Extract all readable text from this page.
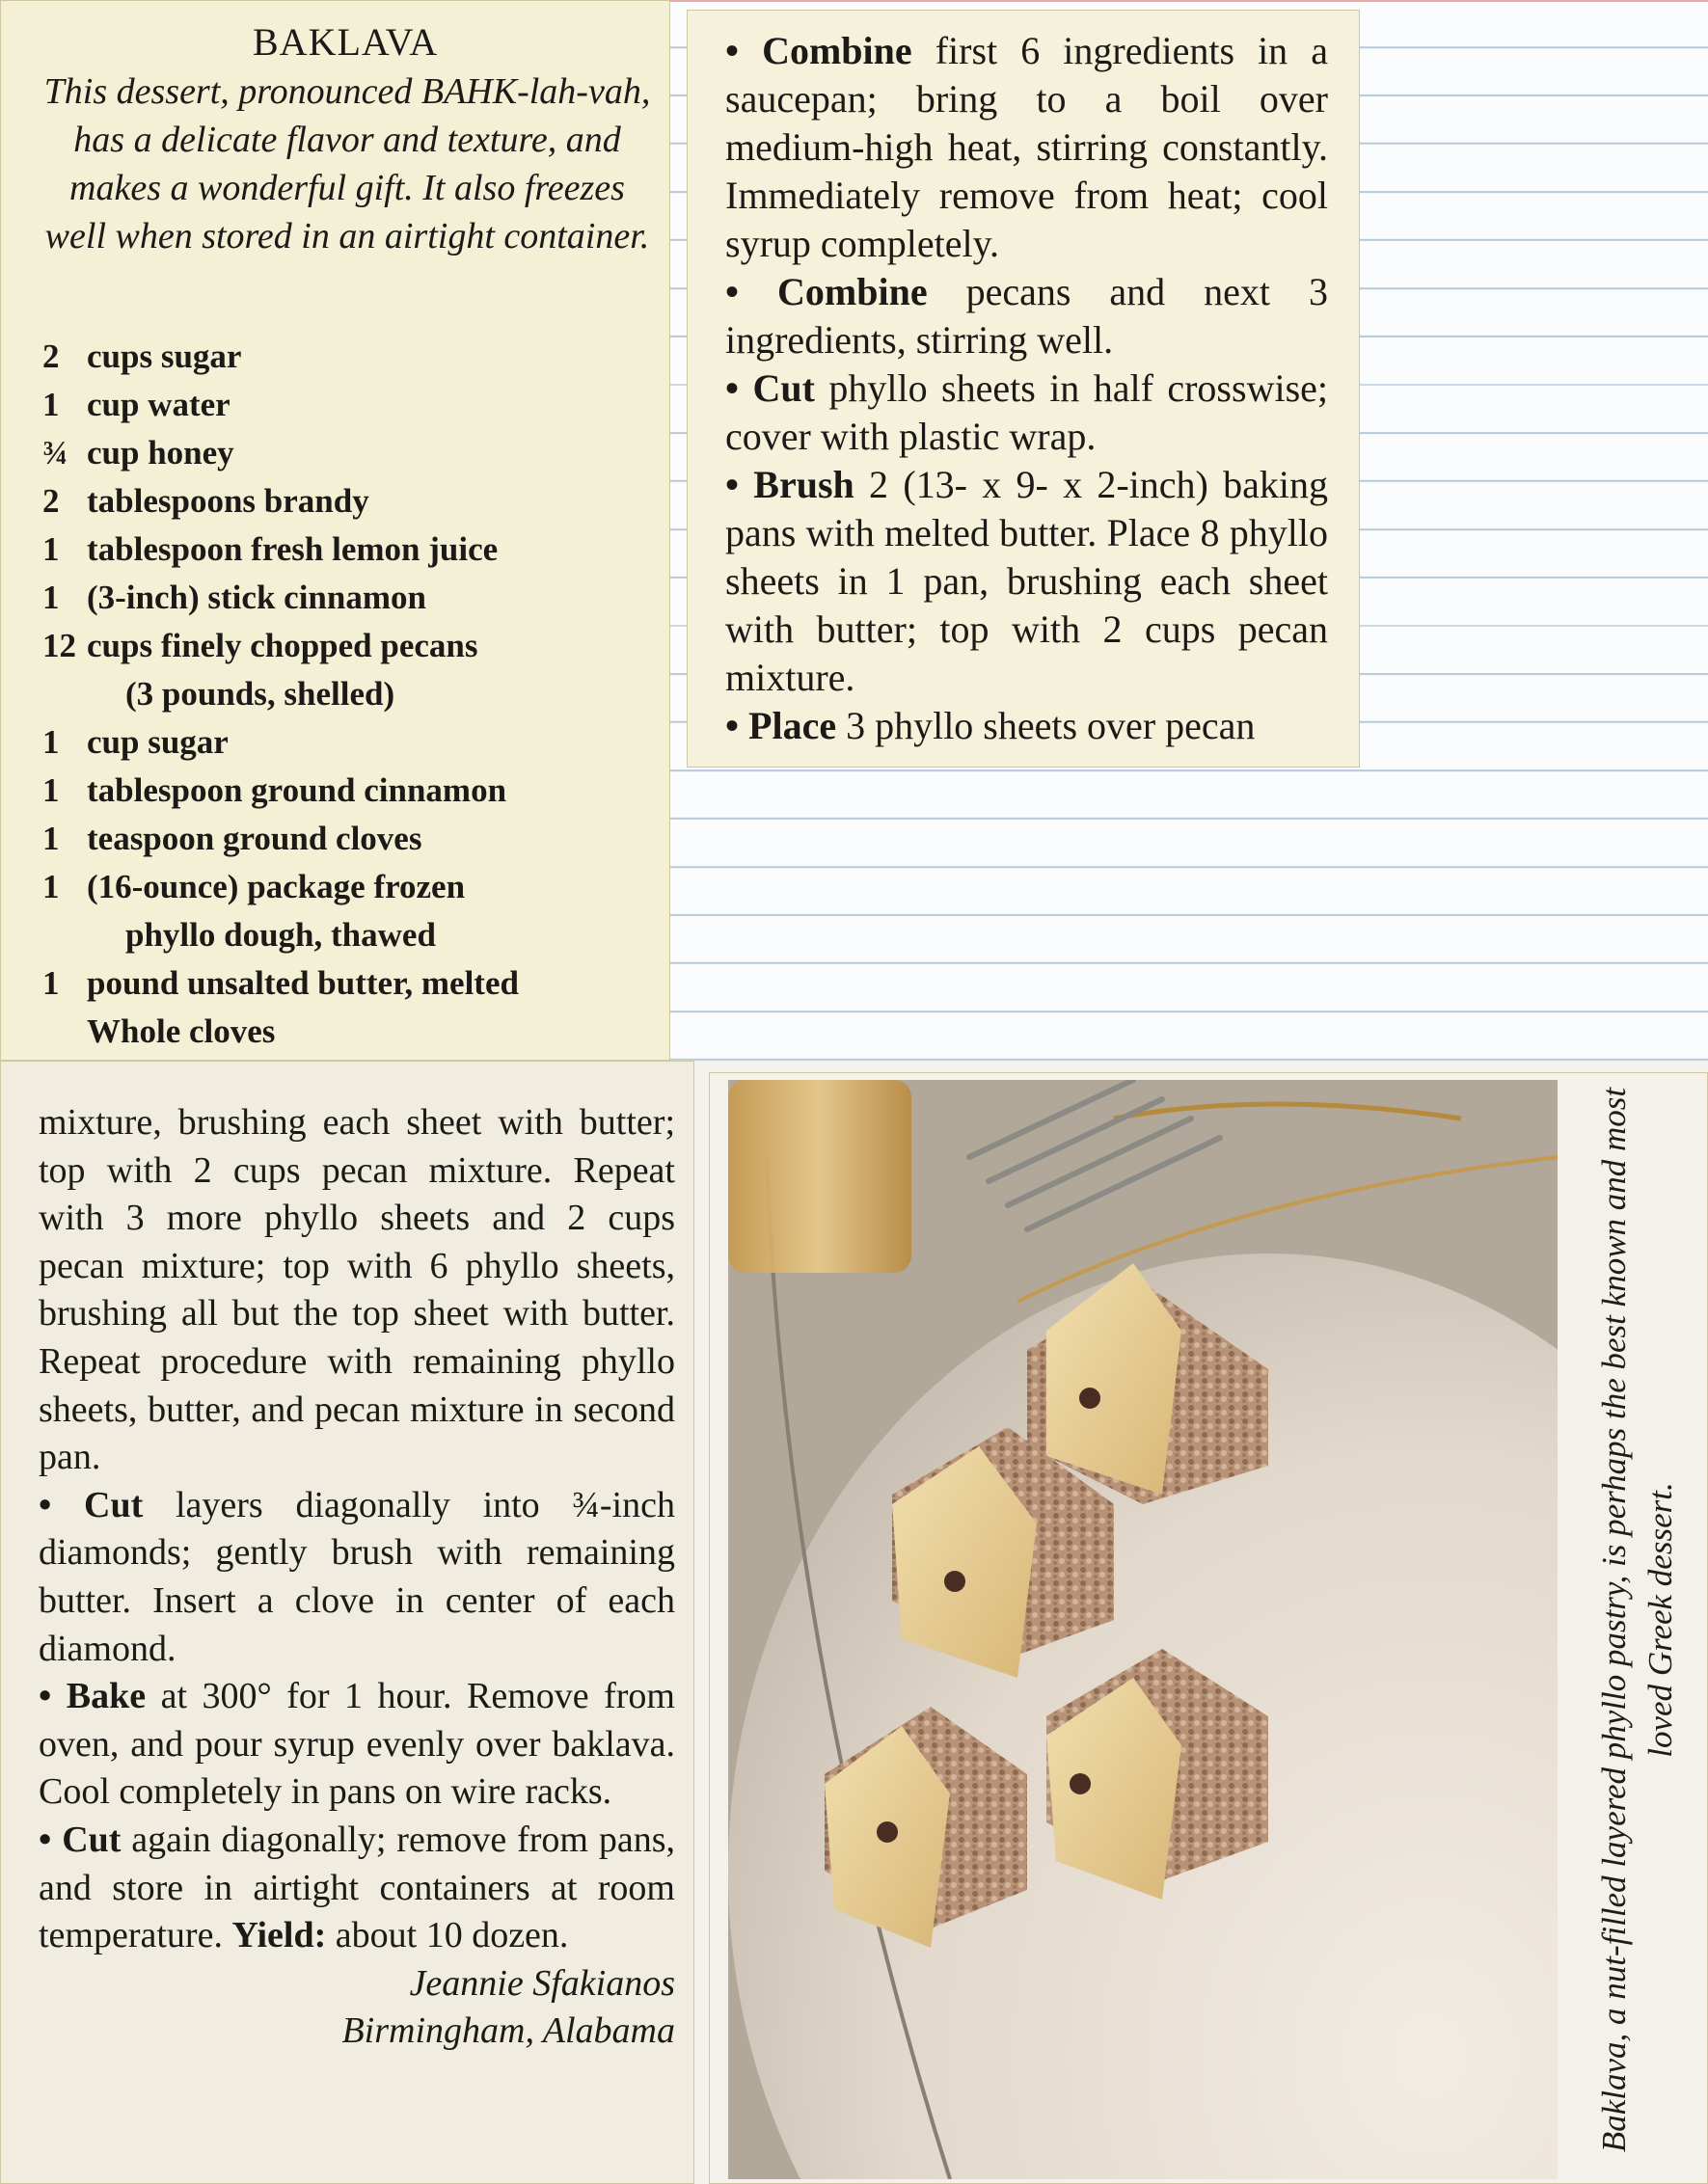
BAKLAVA
This dessert, pronounced BAHK-lah-vah, has a delicate flavor and texture, and makes a wonderful gift. It also freezes well when stored in an airtight container.
2 cups sugar
1 cup water
¾ cup honey
2 tablespoons brandy
1 tablespoon fresh lemon juice
1 (3-inch) stick cinnamon
12 cups finely chopped pecans
(3 pounds, shelled)
1 cup sugar
1 tablespoon ground cinnamon
1 teaspoon ground cloves
1 (16-ounce) package frozen
phyllo dough, thawed
1 pound unsalted butter, melted
Whole cloves
• Combine first 6 ingredients in a saucepan; bring to a boil over medium-high heat, stirring constantly. Immediately remove from heat; cool syrup completely.
• Combine pecans and next 3 ingredients, stirring well.
• Cut phyllo sheets in half crosswise; cover with plastic wrap.
• Brush 2 (13- x 9- x 2-inch) baking pans with melted butter. Place 8 phyllo sheets in 1 pan, brushing each sheet with butter; top with 2 cups pecan mixture.
• Place 3 phyllo sheets over pecan
mixture, brushing each sheet with butter; top with 2 cups pecan mixture. Repeat with 3 more phyllo sheets and 2 cups pecan mixture; top with 6 phyllo sheets, brushing all but the top sheet with butter. Repeat procedure with remaining phyllo sheets, butter, and pecan mixture in second pan.
• Cut layers diagonally into ¾-inch diamonds; gently brush with remaining butter. Insert a clove in center of each diamond.
• Bake at 300° for 1 hour. Remove from oven, and pour syrup evenly over baklava. Cool completely in pans on wire racks.
• Cut again diagonally; remove from pans, and store in airtight containers at room temperature. Yield: about 10 dozen.
Jeannie Sfakianos
Birmingham, Alabama	Baklava, a nut-filled layered phyllo pastry, is perhaps the best known and most loved Greek dessert.
